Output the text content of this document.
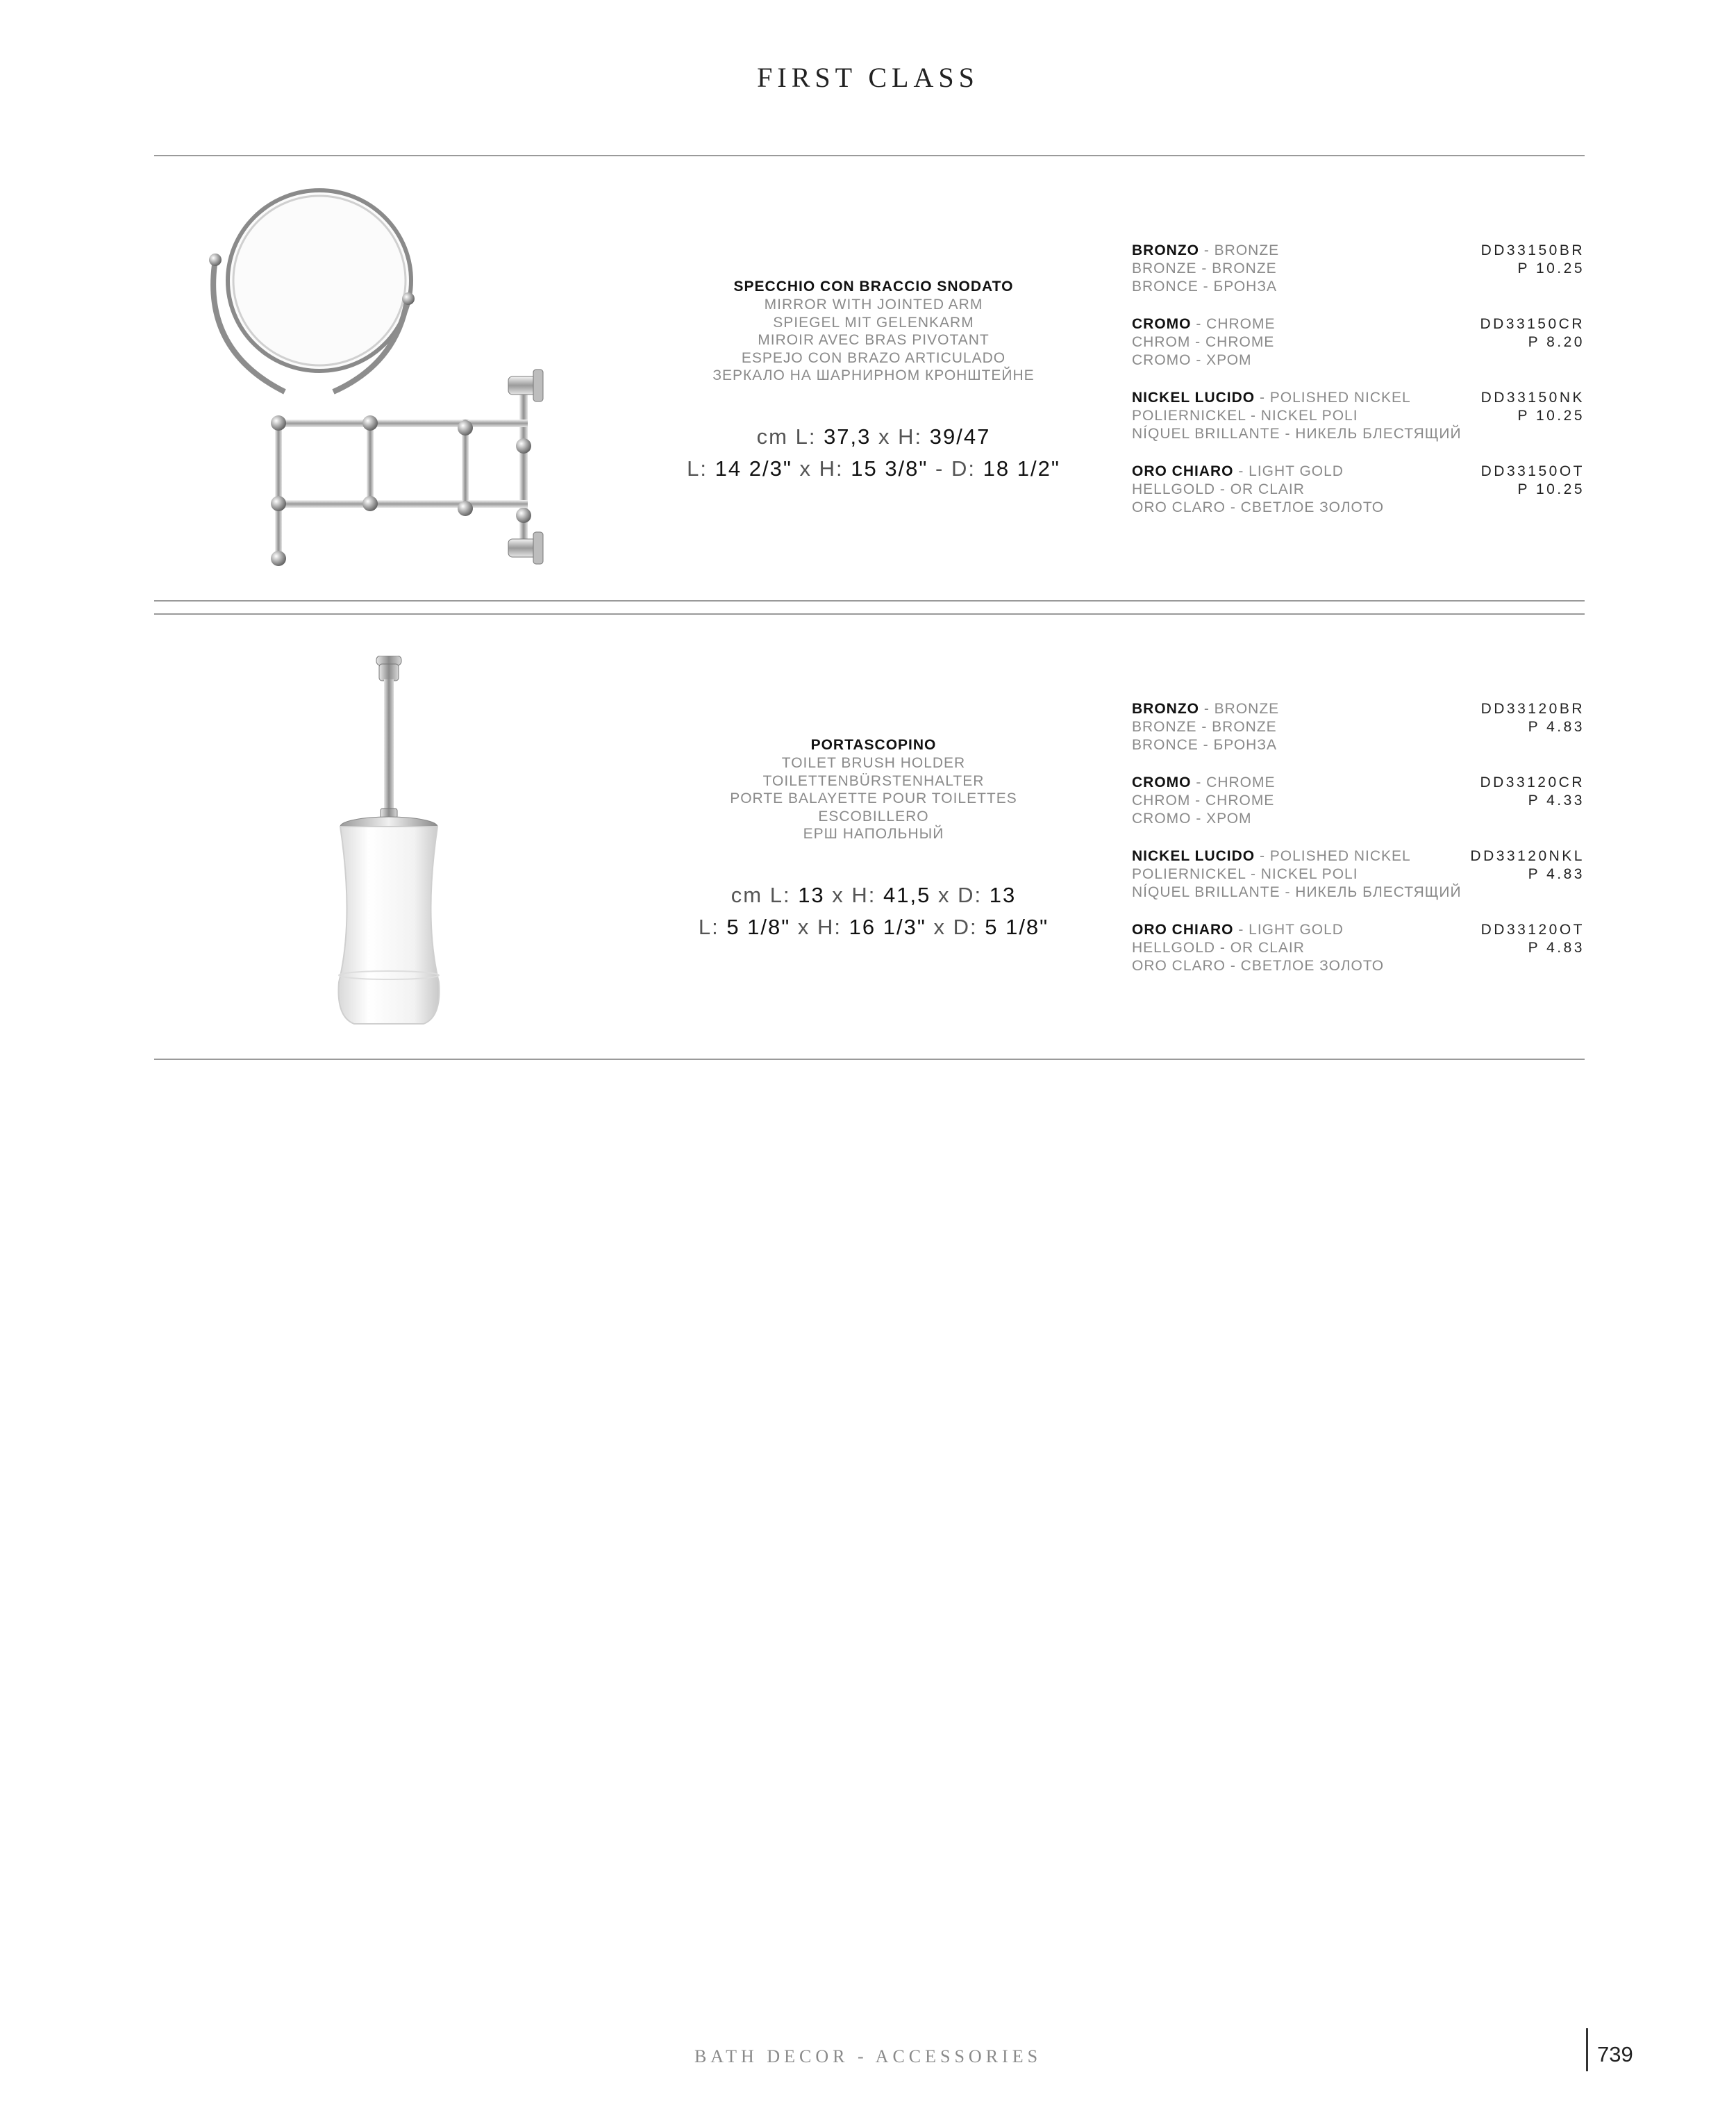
FIRST CLASS
SPECCHIO CON BRACCIO SNODATO
MIRROR WITH JOINTED ARM
SPIEGEL MIT GELENKARM
MIROIR AVEC BRAS PIVOTANT
ESPEJO CON BRAZO ARTICULADO
ЗЕРКАЛО НА ШАРНИРНОМ КРОНШТЕЙНЕ
cm L: 37,3 x H: 39/47
L: 14 2/3" x H: 15 3/8" - D: 18 1/2"
BRONZO - BRONZE
BRONZE - BRONZE
BRONCE - БРОНЗА
DD33150BR
P 10.25
CROMO - CHROME
CHROM - CHROME
CROMO - ХРОМ
DD33150CR
P 8.20
NICKEL LUCIDO - POLISHED NICKEL
POLIERNICKEL - NICKEL POLI
NÍQUEL BRILLANTE - НИКЕЛЬ БЛЕСТЯЩИЙ
DD33150NK
P 10.25
ORO CHIARO - LIGHT GOLD
HELLGOLD - OR CLAIR
ORO CLARO - СВЕТЛОЕ ЗОЛОТО
DD33150OT
P 10.25
PORTASCOPINO
TOILET BRUSH HOLDER
TOILETTENBÜRSTENHALTER
PORTE BALAYETTE POUR TOILETTES
ESCOBILLERO
ЕРШ НАПОЛЬНЫЙ
cm L: 13 x H: 41,5 x D: 13
L: 5 1/8" x H: 16 1/3" x D: 5 1/8"
BRONZO - BRONZE
BRONZE - BRONZE
BRONCE - БРОНЗА
DD33120BR
P 4.83
CROMO - CHROME
CHROM - CHROME
CROMO - ХРОМ
DD33120CR
P 4.33
NICKEL LUCIDO - POLISHED NICKEL
POLIERNICKEL - NICKEL POLI
NÍQUEL BRILLANTE - НИКЕЛЬ БЛЕСТЯЩИЙ
DD33120NKL
P 4.83
ORO CHIARO - LIGHT GOLD
HELLGOLD - OR CLAIR
ORO CLARO - СВЕТЛОЕ ЗОЛОТО
DD33120OT
P 4.83
BATH DECOR - ACCESSORIES	739
